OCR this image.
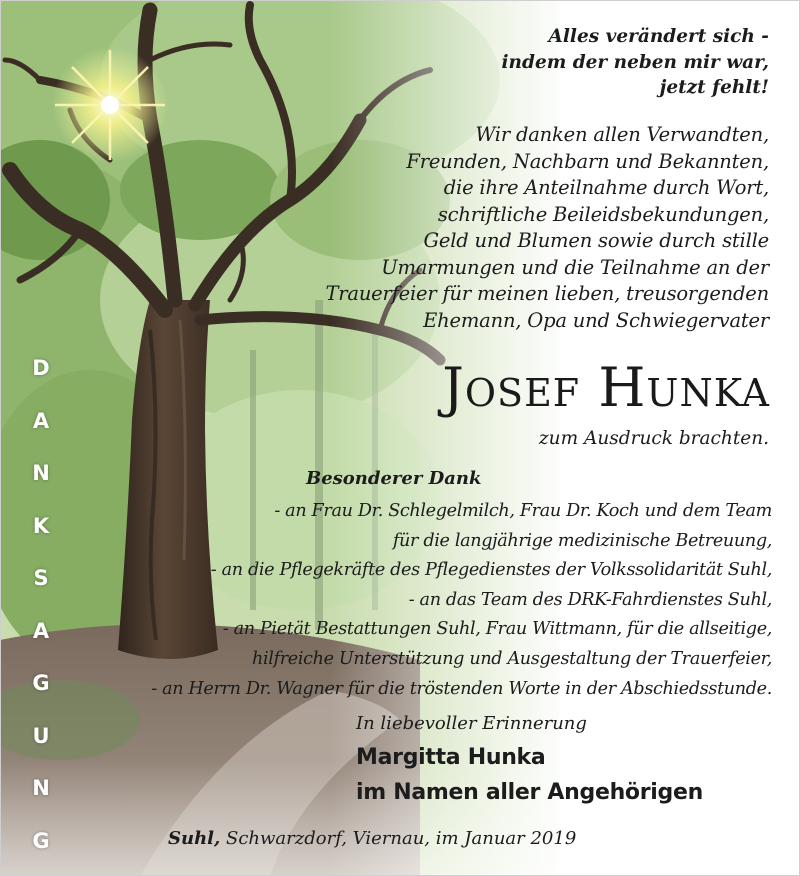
D
A
N
K
S
A
G
U
N
G
Alles verändert sich -
indem der neben mir war,
jetzt fehlt!
Wir danken allen Verwandten,
Freunden, Nachbarn und Bekannten,
die ihre Anteilnahme durch Wort,
schriftliche Beileidsbekundungen,
Geld und Blumen sowie durch stille
Umarmungen und die Teilnahme an der
Trauerfeier für meinen lieben, treusorgenden
Ehemann, Opa und Schwiegervater
Josef Hunka
zum Ausdruck brachten.
Besonderer Dank
- an Frau Dr. Schlegelmilch, Frau Dr. Koch und dem Team
für die langjährige medizinische Betreuung,
- an die Pflegekräfte des Pflegedienstes der Volkssolidarität Suhl,
- an das Team des DRK-Fahrdienstes Suhl,
- an Pietät Bestattungen Suhl, Frau Wittmann, für die allseitige,
hilfreiche Unterstützung und Ausgestaltung der Trauerfeier,
- an Herrn Dr. Wagner für die tröstenden Worte in der Abschiedsstunde.
In liebevoller Erinnerung
Margitta Hunka
im Namen aller Angehörigen
Suhl, Schwarzdorf, Viernau, im Januar 2019
